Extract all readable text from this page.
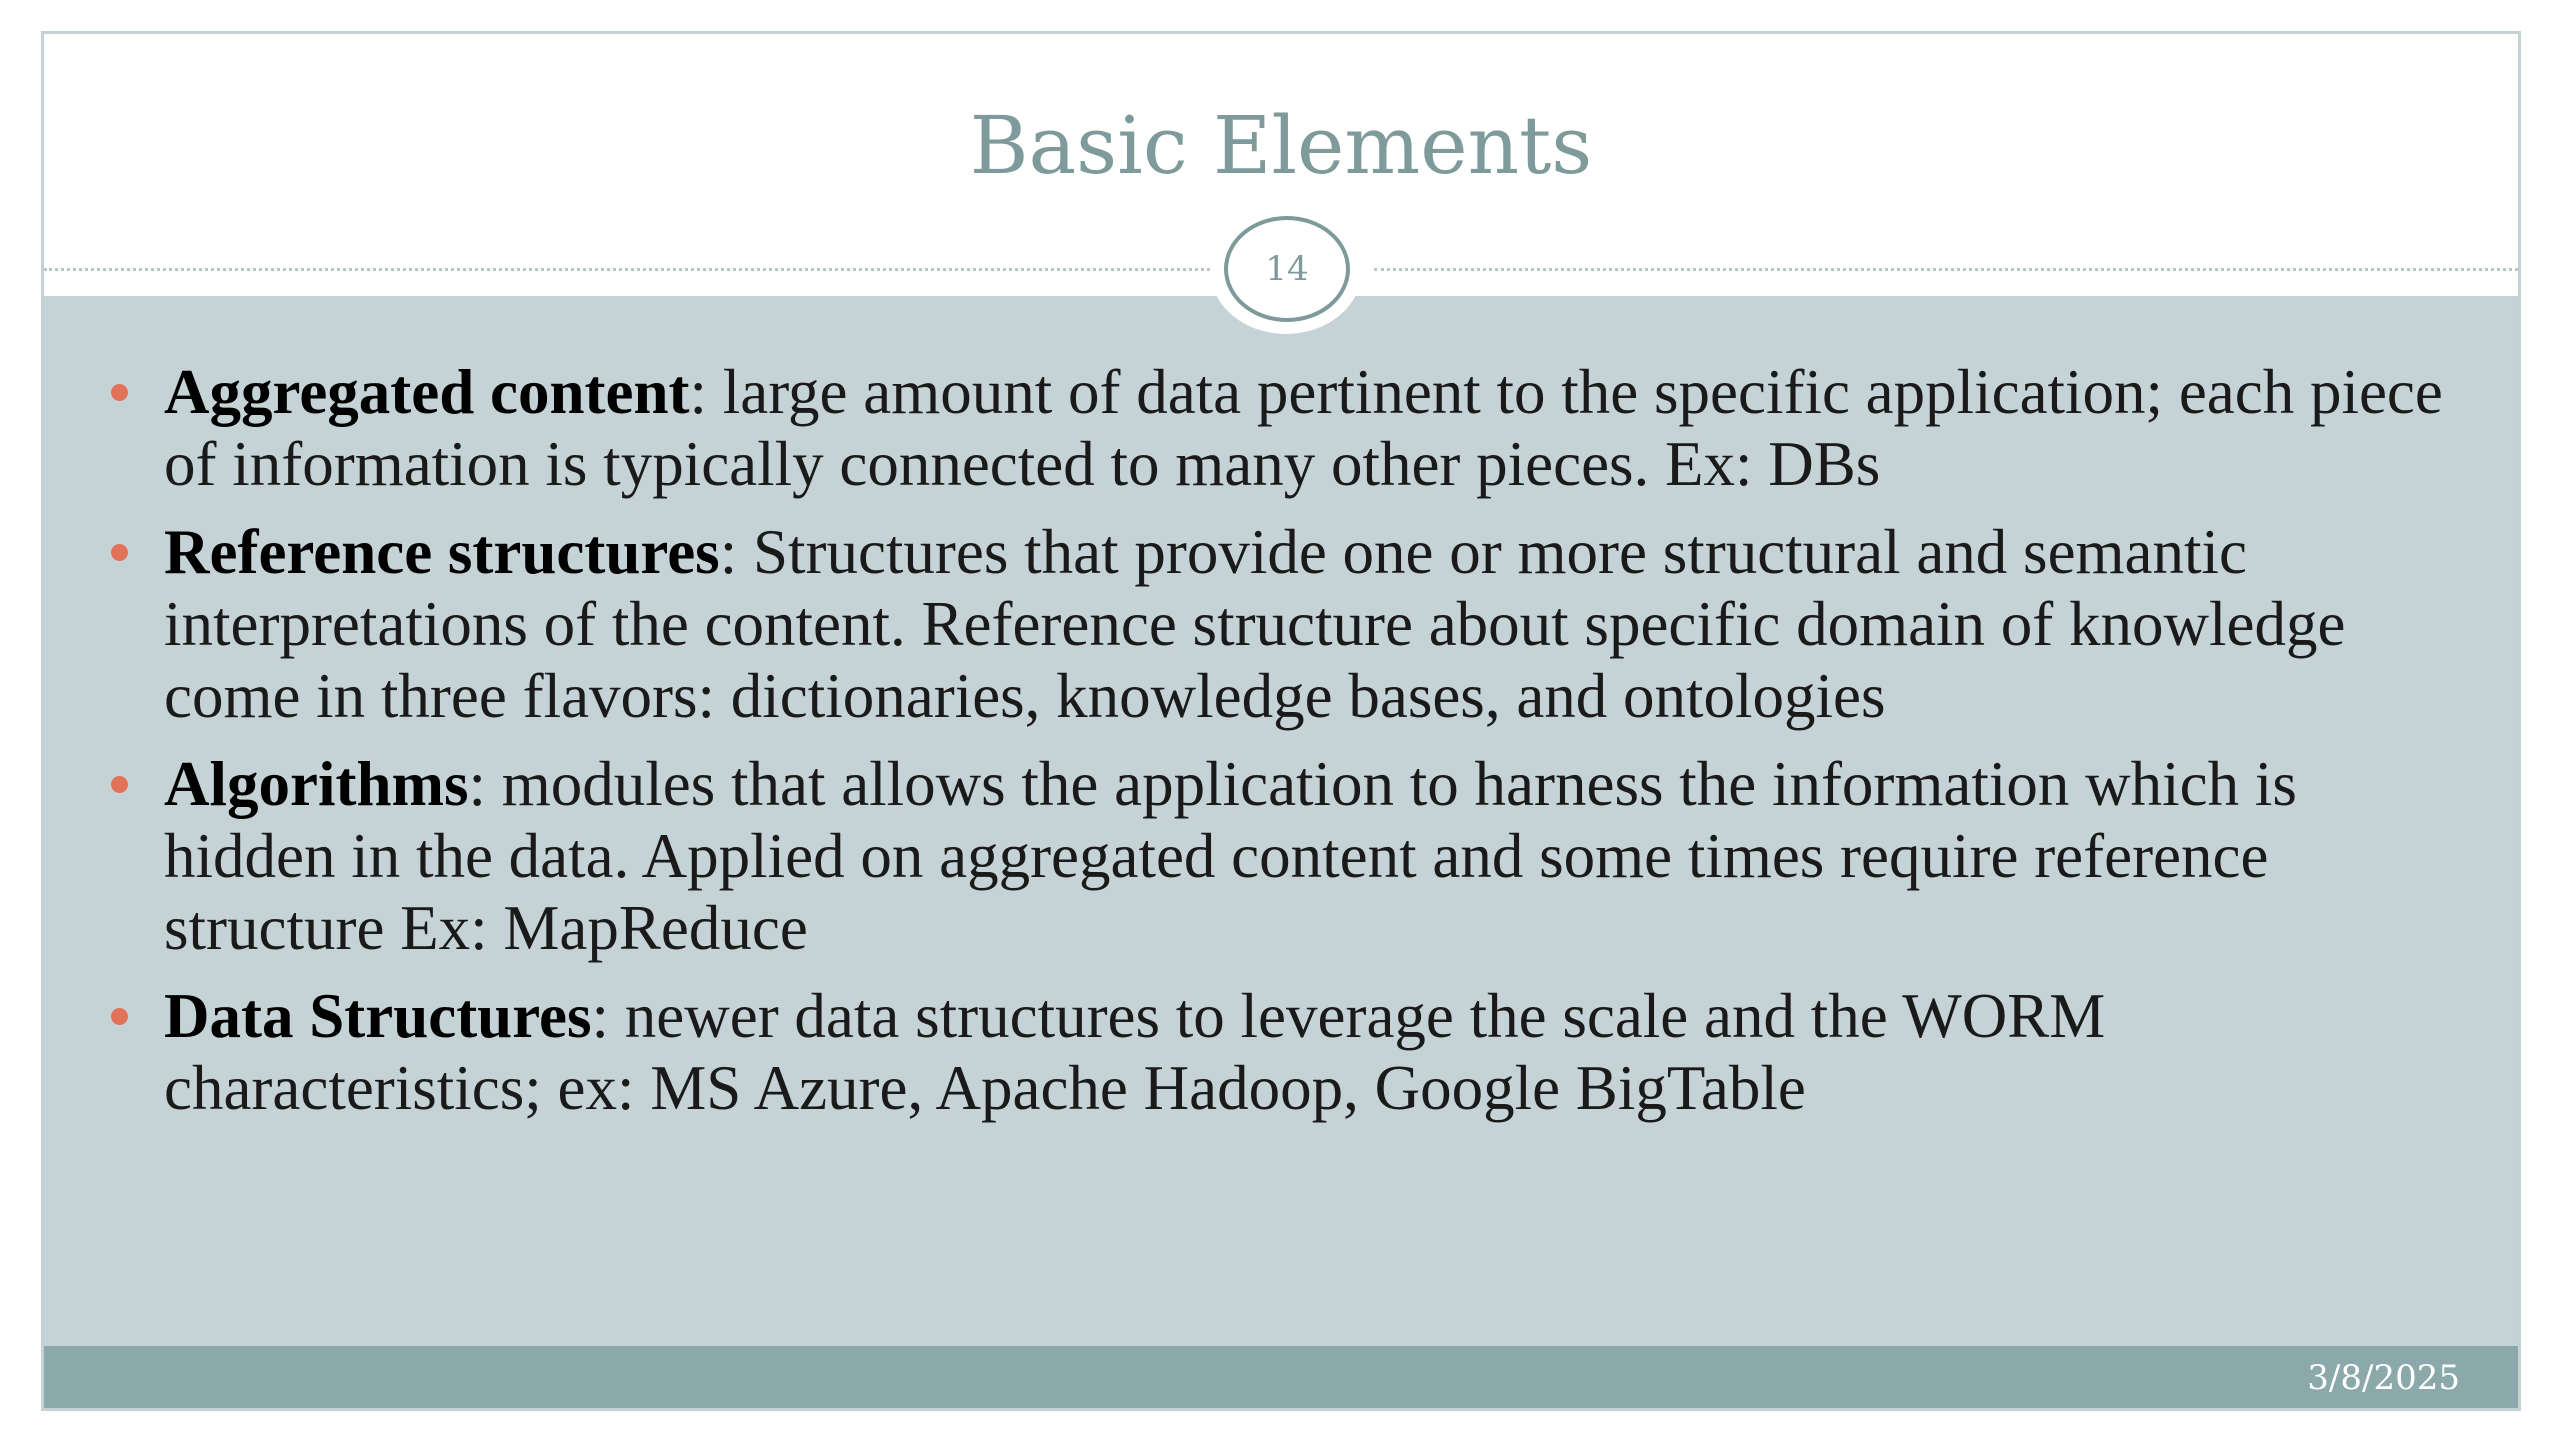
Basic Elements
Aggregated content: large amount of data pertinent to the specific application; each piece of information is typically connected to many other pieces. Ex: DBs
Reference structures: Structures that provide one or more structural and semantic interpretations of the content. Reference structure about specific domain of knowledge come in three flavors: dictionaries, knowledge bases, and ontologies
Algorithms: modules that allows the application to harness the information which is hidden in the data. Applied on aggregated content and some times require reference structure Ex: MapReduce
Data Structures: newer data structures to leverage the scale and the WORM characteristics; ex: MS Azure, Apache Hadoop, Google BigTable
14
3/8/2025
